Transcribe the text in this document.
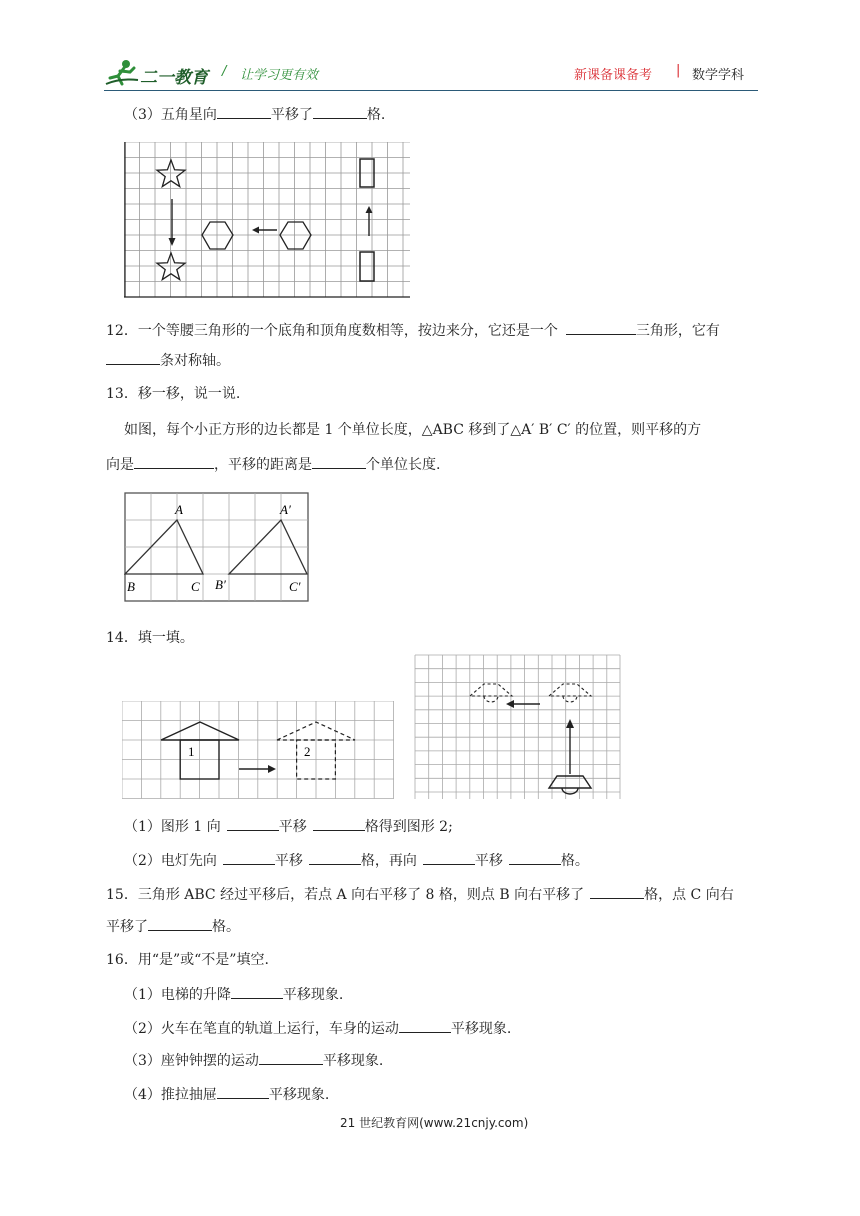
二一教育 / 让学习更有效	新课备课备考 | 数学学科
（3）五角星向	平移了	格.
12．一个等腰三角形的一个底角和顶角度数相等，按边来分，它还是一个	三角形，它有
条对称轴。
13．移一移，说一说.
如图，每个小正方形的边长都是 1 个单位长度，△ABC 移到了△A′ B′ C′ 的位置，则平移的方
向是	，平移的距离是	个单位长度.
A
B	C
A′
B′	C′
14．填一填。
1	2
（1）图形 1 向	平移	格得到图形 2;
（2）电灯先向	平移	格，再向	平移	格。
15．三角形 ABC 经过平移后，若点 A 向右平移了 8 格，则点 B 向右平移了	格，点 C 向右
平移了	格。
16．用“是”或“不是”填空.
（1）电梯的升降	平移现象.
（2）火车在笔直的轨道上运行，车身的运动	平移现象.
（3）座钟钟摆的运动	平移现象.
（4）推拉抽屉	平移现象.
21 世纪教育网(www.21cnjy.com)
